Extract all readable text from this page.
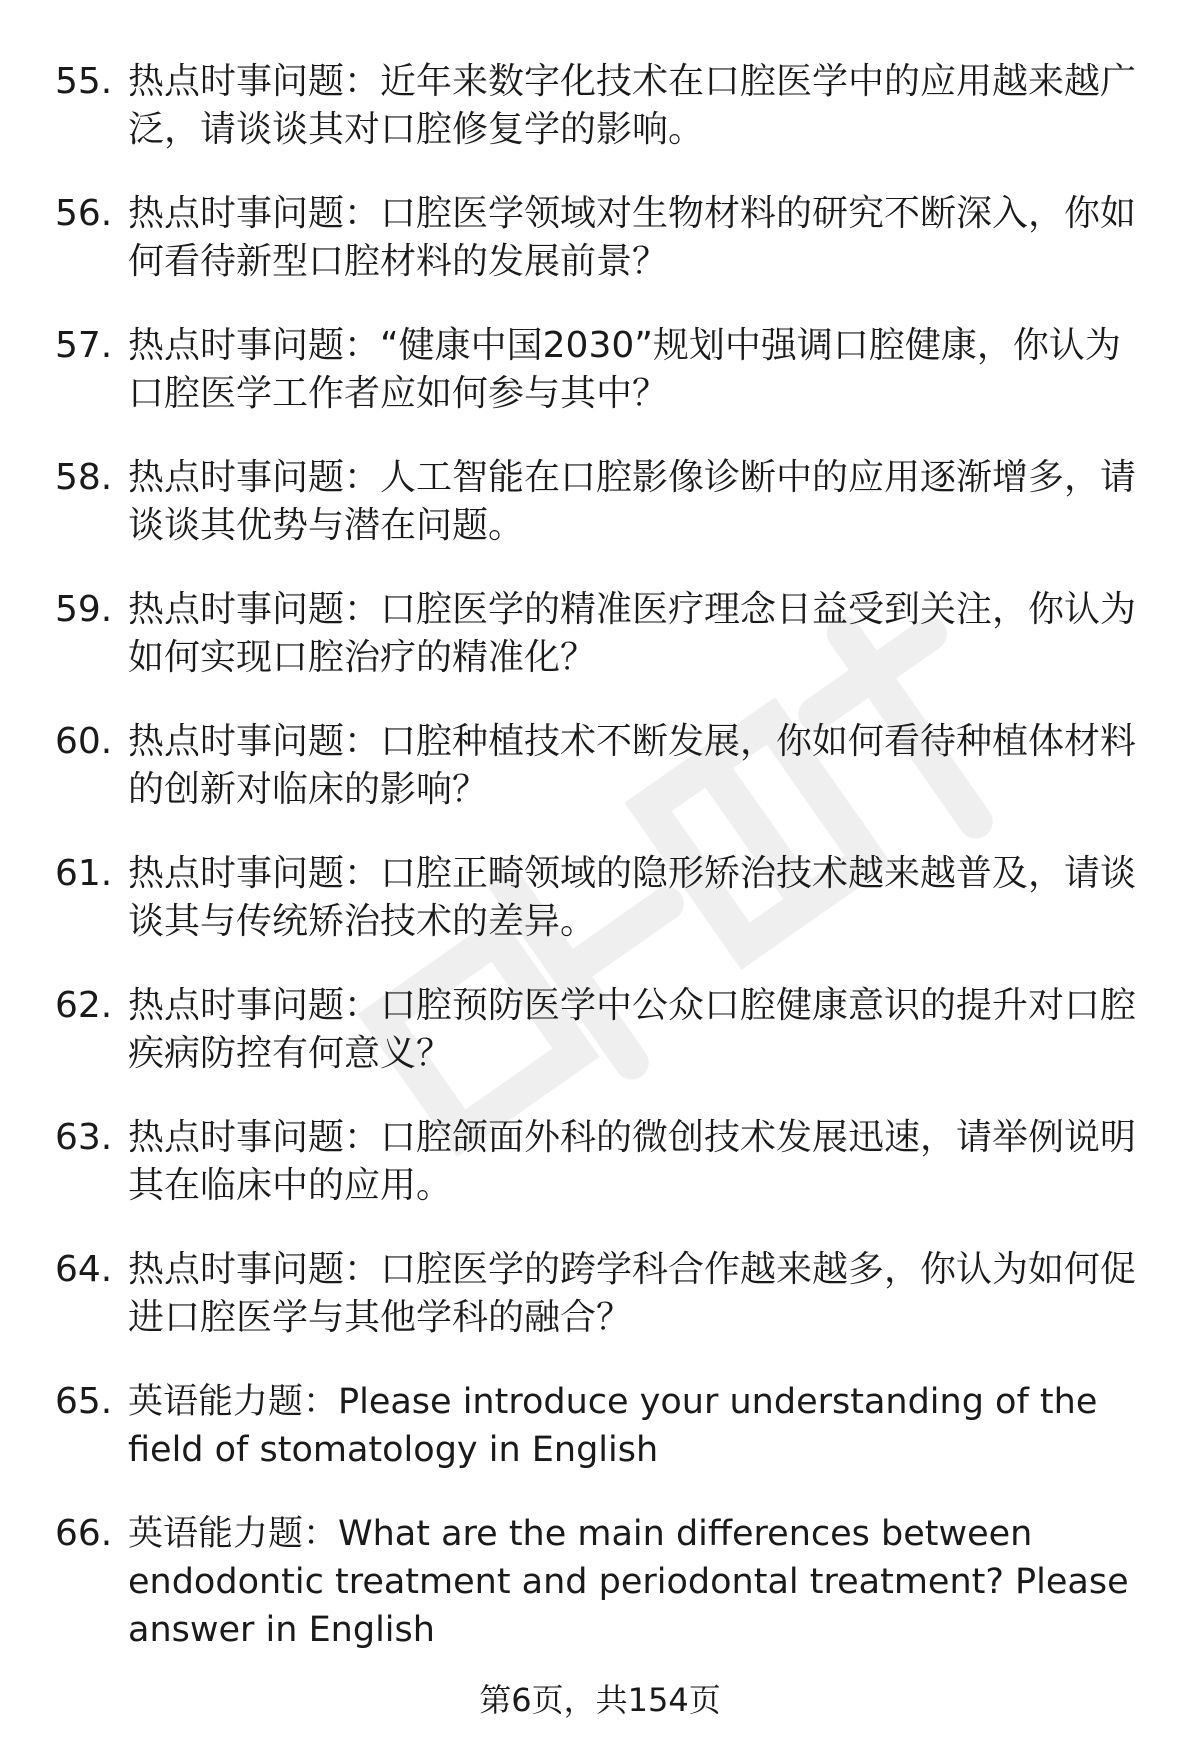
55. 热点时事问题：近年来数字化技术在口腔医学中的应用越来越广泛，请谈谈其对口腔修复学的影响。
56. 热点时事问题：口腔医学领域对生物材料的研究不断深入，你如何看待新型口腔材料的发展前景？
57. 热点时事问题：“健康中国2030”规划中强调口腔健康，你认为口腔医学工作者应如何参与其中？
58. 热点时事问题：人工智能在口腔影像诊断中的应用逐渐增多，请谈谈其优势与潜在问题。
59. 热点时事问题：口腔医学的精准医疗理念日益受到关注，你认为如何实现口腔治疗的精准化？
60. 热点时事问题：口腔种植技术不断发展，你如何看待种植体材料的创新对临床的影响？
61. 热点时事问题：口腔正畸领域的隐形矫治技术越来越普及，请谈谈其与传统矫治技术的差异。
62. 热点时事问题：口腔预防医学中公众口腔健康意识的提升对口腔疾病防控有何意义？
63. 热点时事问题：口腔颌面外科的微创技术发展迅速，请举例说明其在临床中的应用。
64. 热点时事问题：口腔医学的跨学科合作越来越多，你认为如何促进口腔医学与其他学科的融合？
65. 英语能力题：Please introduce your understanding of the field of stomatology in English
66. 英语能力题：What are the main differences between endodontic treatment and periodontal treatment? Please answer in English
第6页，共154页
